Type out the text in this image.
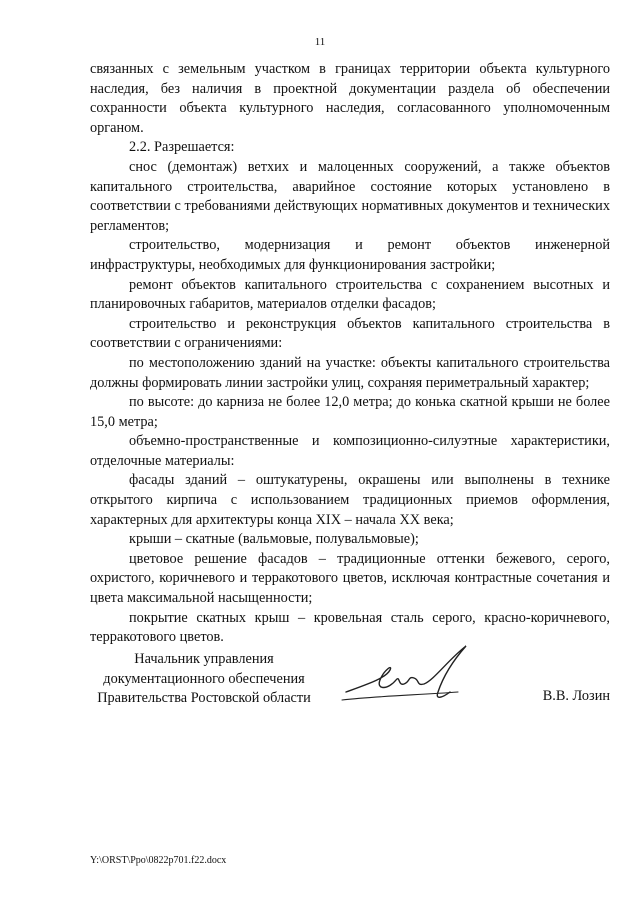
11

связанных с земельным участком в границах территории объекта культурного наследия, без наличия в проектной документации раздела об обеспечении сохранности объекта культурного наследия, согласованного уполномоченным органом.

2.2. Разрешается:

снос (демонтаж) ветхих и малоценных сооружений, а также объектов капитального строительства, аварийное состояние которых установлено в соответствии с требованиями действующих нормативных документов и технических регламентов;

строительство, модернизация и ремонт объектов инженерной инфраструктуры, необходимых для функционирования застройки;

ремонт объектов капитального строительства с сохранением высотных и планировочных габаритов, материалов отделки фасадов;

строительство и реконструкция объектов капитального строительства в соответствии с ограничениями:

по местоположению зданий на участке: объекты капитального строительства должны формировать линии застройки улиц, сохраняя периметральный характер;

по высоте: до карниза не более 12,0 метра; до конька скатной крыши не более 15,0 метра;

объемно-пространственные и композиционно-силуэтные характеристики, отделочные материалы:

фасады зданий – оштукатурены, окрашены или выполнены в технике открытого кирпича с использованием традиционных приемов оформления, характерных для архитектуры конца XIX – начала XX века;

крыши – скатные (вальмовые, полувальмовые);

цветовое решение фасадов – традиционные оттенки бежевого, серого, охристого, коричневого и терракотового цветов, исключая контрастные сочетания и цвета максимальной насыщенности;

покрытие скатных крыш – кровельная сталь серого, красно-коричневого, терракотового цветов.

Начальник управления
документационного обеспечения
Правительства Ростовской области	В.В. Лозин
Y:\ORST\Ppo\0822p701.f22.docx
